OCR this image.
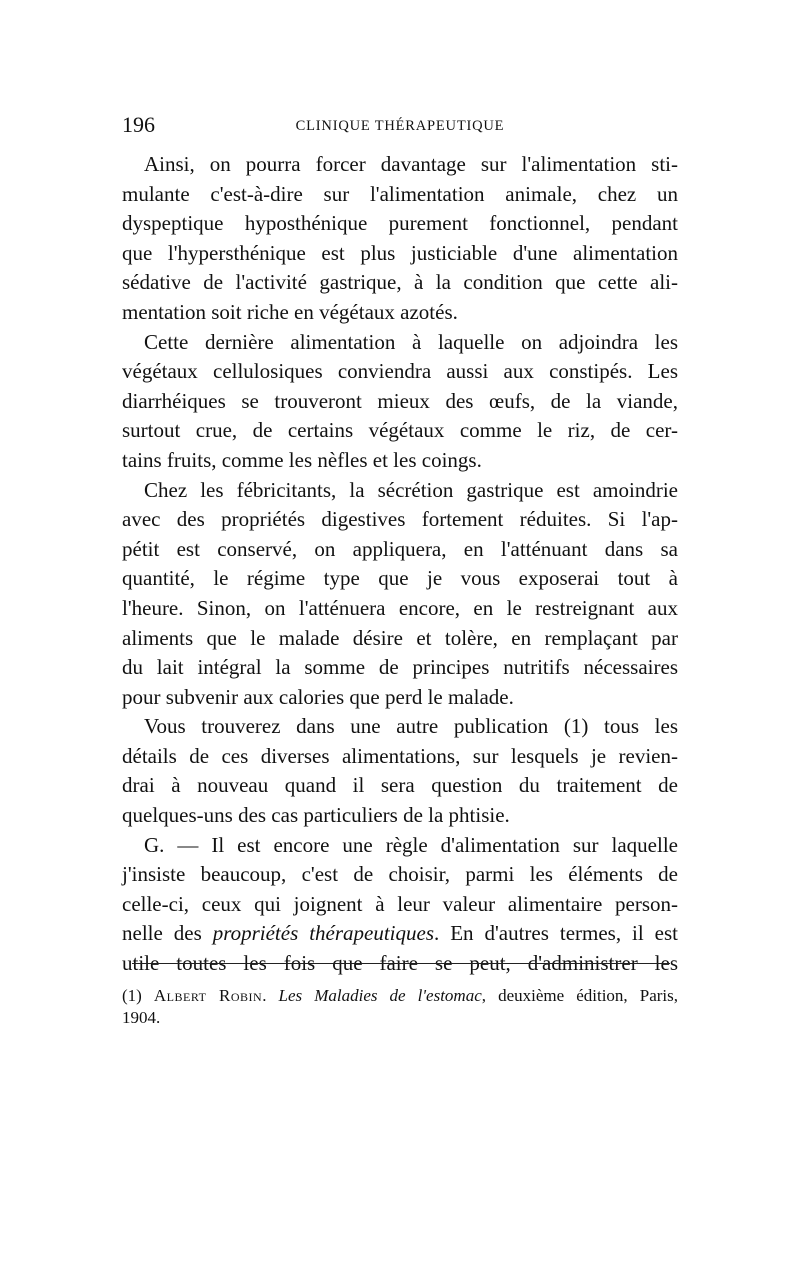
196	CLINIQUE THÉRAPEUTIQUE
Ainsi, on pourra forcer davantage sur l'alimentation sti-
mulante c'est-à-dire sur l'alimentation animale, chez un
dyspeptique hyposthénique purement fonctionnel, pendant
que l'hypersthénique est plus justiciable d'une alimentation
sédative de l'activité gastrique, à la condition que cette ali-
mentation soit riche en végétaux azotés.
Cette dernière alimentation à laquelle on adjoindra les
végétaux cellulosiques conviendra aussi aux constipés. Les
diarrhéiques se trouveront mieux des œufs, de la viande,
surtout crue, de certains végétaux comme le riz, de cer-
tains fruits, comme les nèfles et les coings.
Chez les fébricitants, la sécrétion gastrique est amoindrie
avec des propriétés digestives fortement réduites. Si l'ap-
pétit est conservé, on appliquera, en l'atténuant dans sa
quantité, le régime type que je vous exposerai tout à
l'heure. Sinon, on l'atténuera encore, en le restreignant aux
aliments que le malade désire et tolère, en remplaçant par
du lait intégral la somme de principes nutritifs nécessaires
pour subvenir aux calories que perd le malade.
Vous trouverez dans une autre publication (1) tous les
détails de ces diverses alimentations, sur lesquels je revien-
drai à nouveau quand il sera question du traitement de
quelques-uns des cas particuliers de la phtisie.
G. — Il est encore une règle d'alimentation sur laquelle
j'insiste beaucoup, c'est de choisir, parmi les éléments de
celle-ci, ceux qui joignent à leur valeur alimentaire person-
nelle des propriétés thérapeutiques. En d'autres termes, il est
utile toutes les fois que faire se peut, d'administrer les
(1) Albert Robin. Les Maladies de l'estomac, deuxième édition, Paris,
1904.
